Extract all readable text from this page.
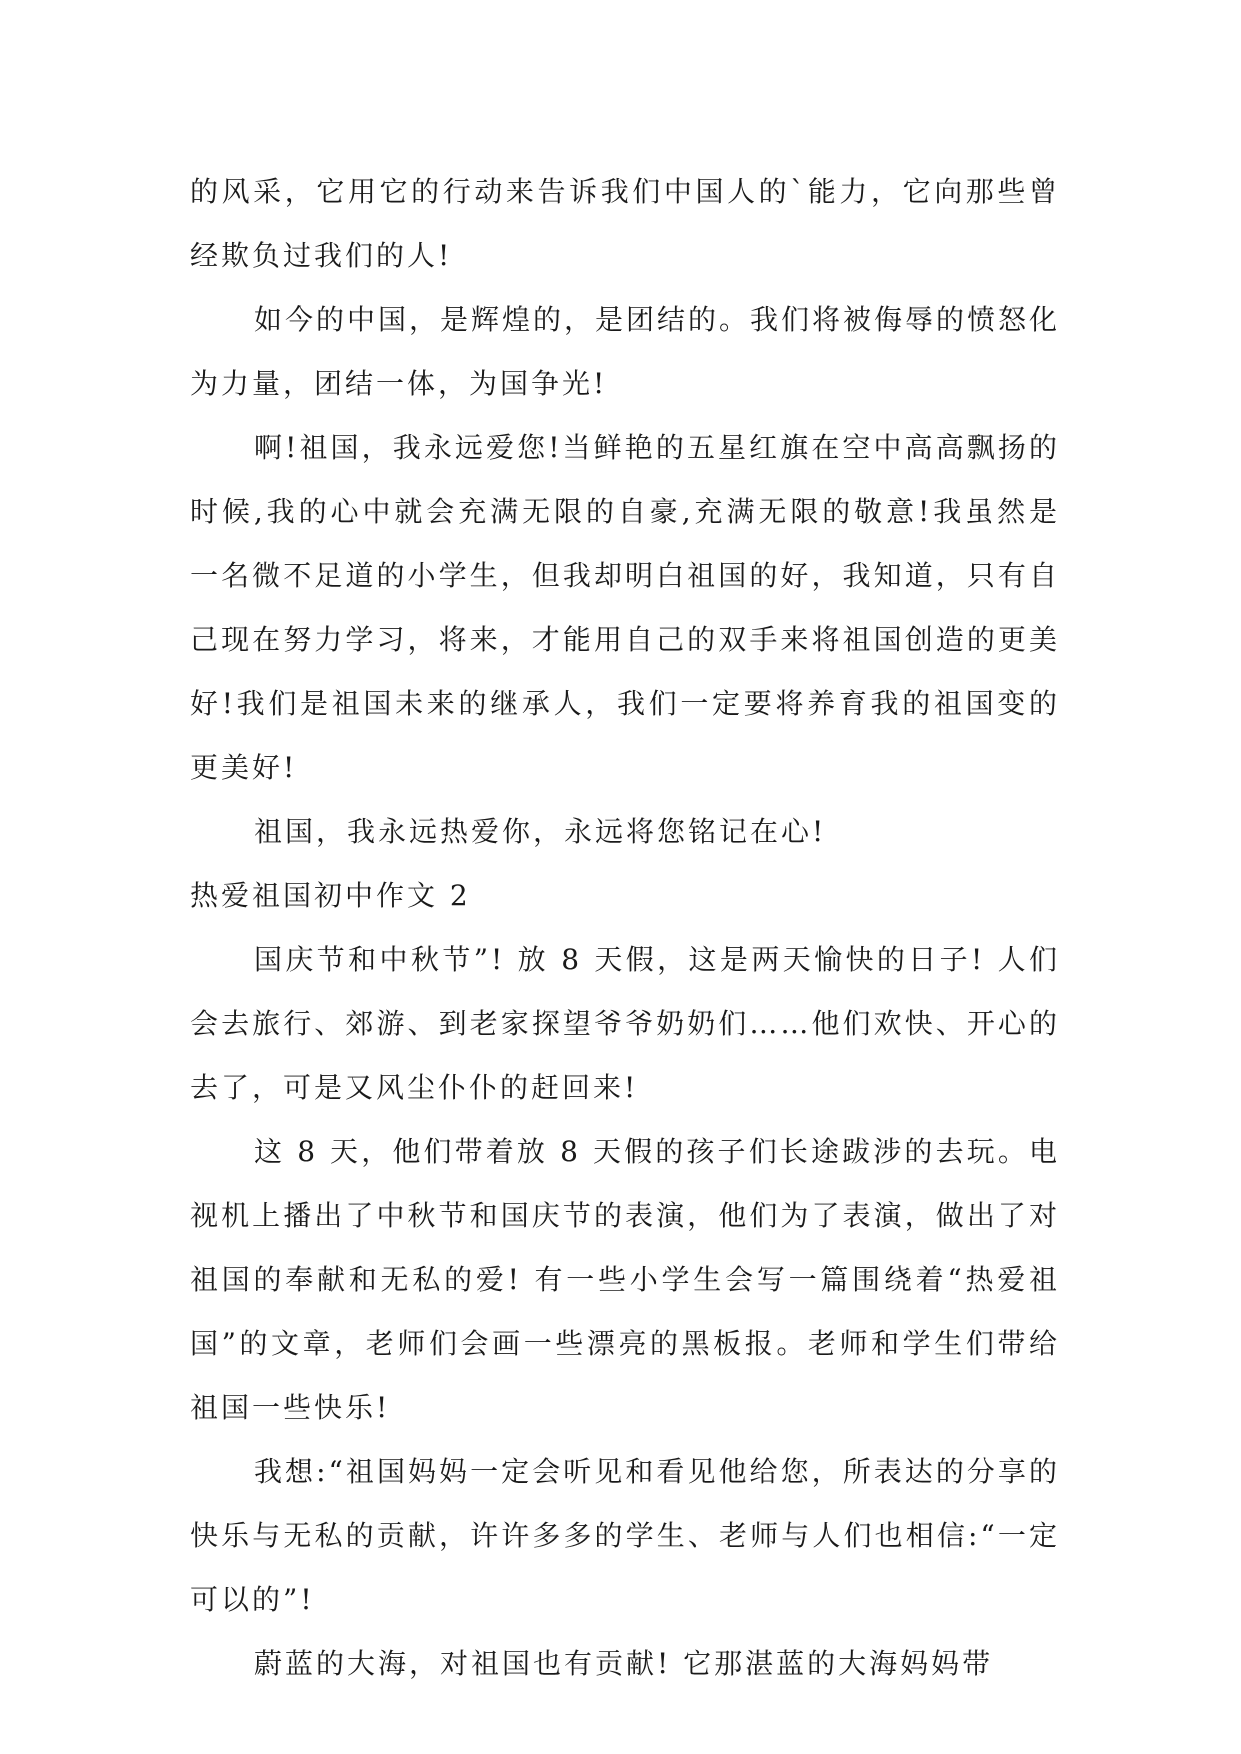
的风采，它用它的行动来告诉我们中国人的`能力，它向那些曾经欺负过我们的人!

如今的中国，是辉煌的，是团结的。我们将被侮辱的愤怒化为力量，团结一体，为国争光!

啊!祖国，我永远爱您!当鲜艳的五星红旗在空中高高飘扬的时候,我的心中就会充满无限的自豪,充满无限的敬意!我虽然是一名微不足道的小学生，但我却明白祖国的好，我知道，只有自己现在努力学习，将来，才能用自己的双手来将祖国创造的更美好!我们是祖国未来的继承人，我们一定要将养育我的祖国变的更美好!

祖国，我永远热爱你，永远将您铭记在心!

热爱祖国初中作文 2

国庆节和中秋节”! 放 8 天假，这是两天愉快的日子! 人们会去旅行、郊游、到老家探望爷爷奶奶们……他们欢快、开心的去了，可是又风尘仆仆的赶回来!

这 8 天，他们带着放 8 天假的孩子们长途跋涉的去玩。电视机上播出了中秋节和国庆节的表演，他们为了表演，做出了对祖国的奉献和无私的爱! 有一些小学生会写一篇围绕着“热爱祖国”的文章，老师们会画一些漂亮的黑板报。老师和学生们带给祖国一些快乐!

我想:“祖国妈妈一定会听见和看见他给您，所表达的分享的快乐与无私的贡献，许许多多的学生、老师与人们也相信:“一定可以的”!

蔚蓝的大海，对祖国也有贡献! 它那湛蓝的大海妈妈带
